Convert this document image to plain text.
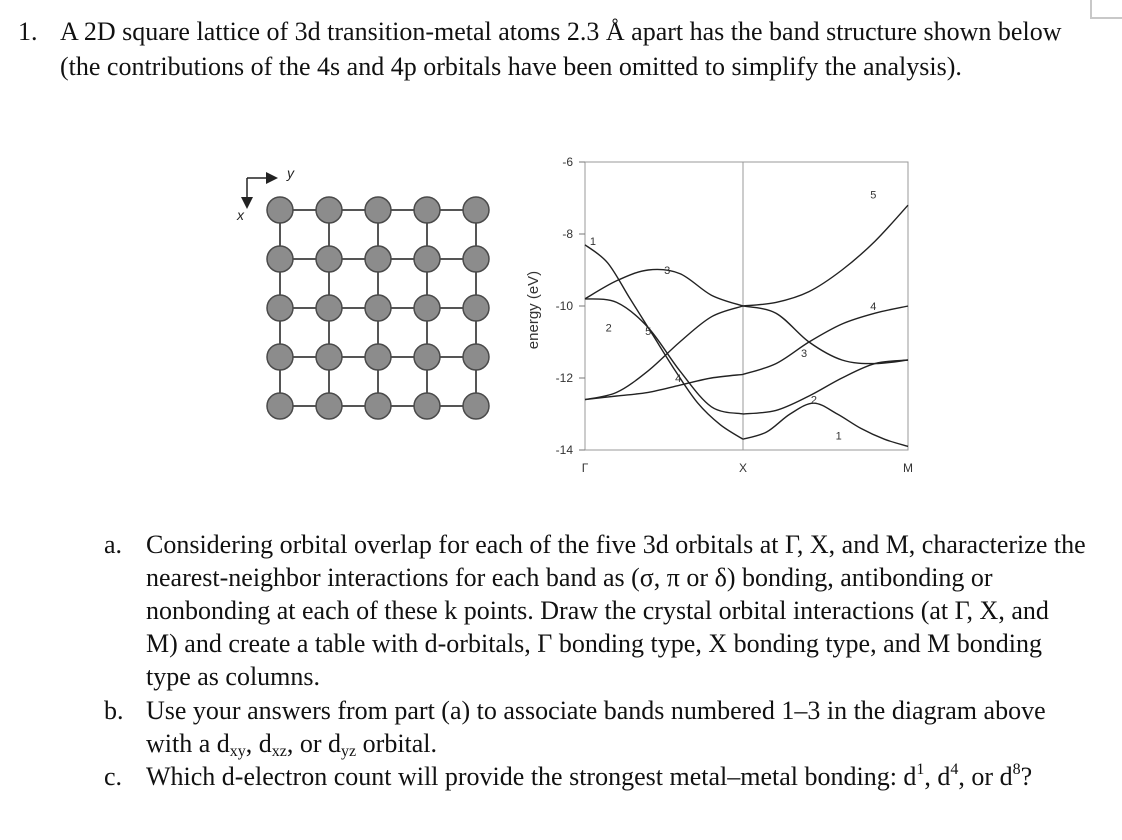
1. A 2D square lattice of 3d transition-metal atoms 2.3 Å apart has the band structure shown below (the contributions of the 4s and 4p orbitals have been omitted to simplify the analysis).
y
x
energy (eV)
-6
-8
-10
-12
-14
1
2	5
3
4
3
2
1
4
5
Γ	X	M
a. Considering orbital overlap for each of the five 3d orbitals at Γ, X, and M, characterize the nearest-neighbor interactions for each band as (σ, π or δ) bonding, antibonding or nonbonding at each of these k points. Draw the crystal orbital interactions (at Γ, X, and M) and create a table with d-orbitals, Γ bonding type, X bonding type, and M bonding type as columns.
b. Use your answers from part (a) to associate bands numbered 1–3 in the diagram above with a $d_{xy}$, $d_{xz}$, or $d_{yz}$ orbital.
c. Which d-electron count will provide the strongest metal–metal bonding: $d^1$, $d^4$, or $d^8$?
